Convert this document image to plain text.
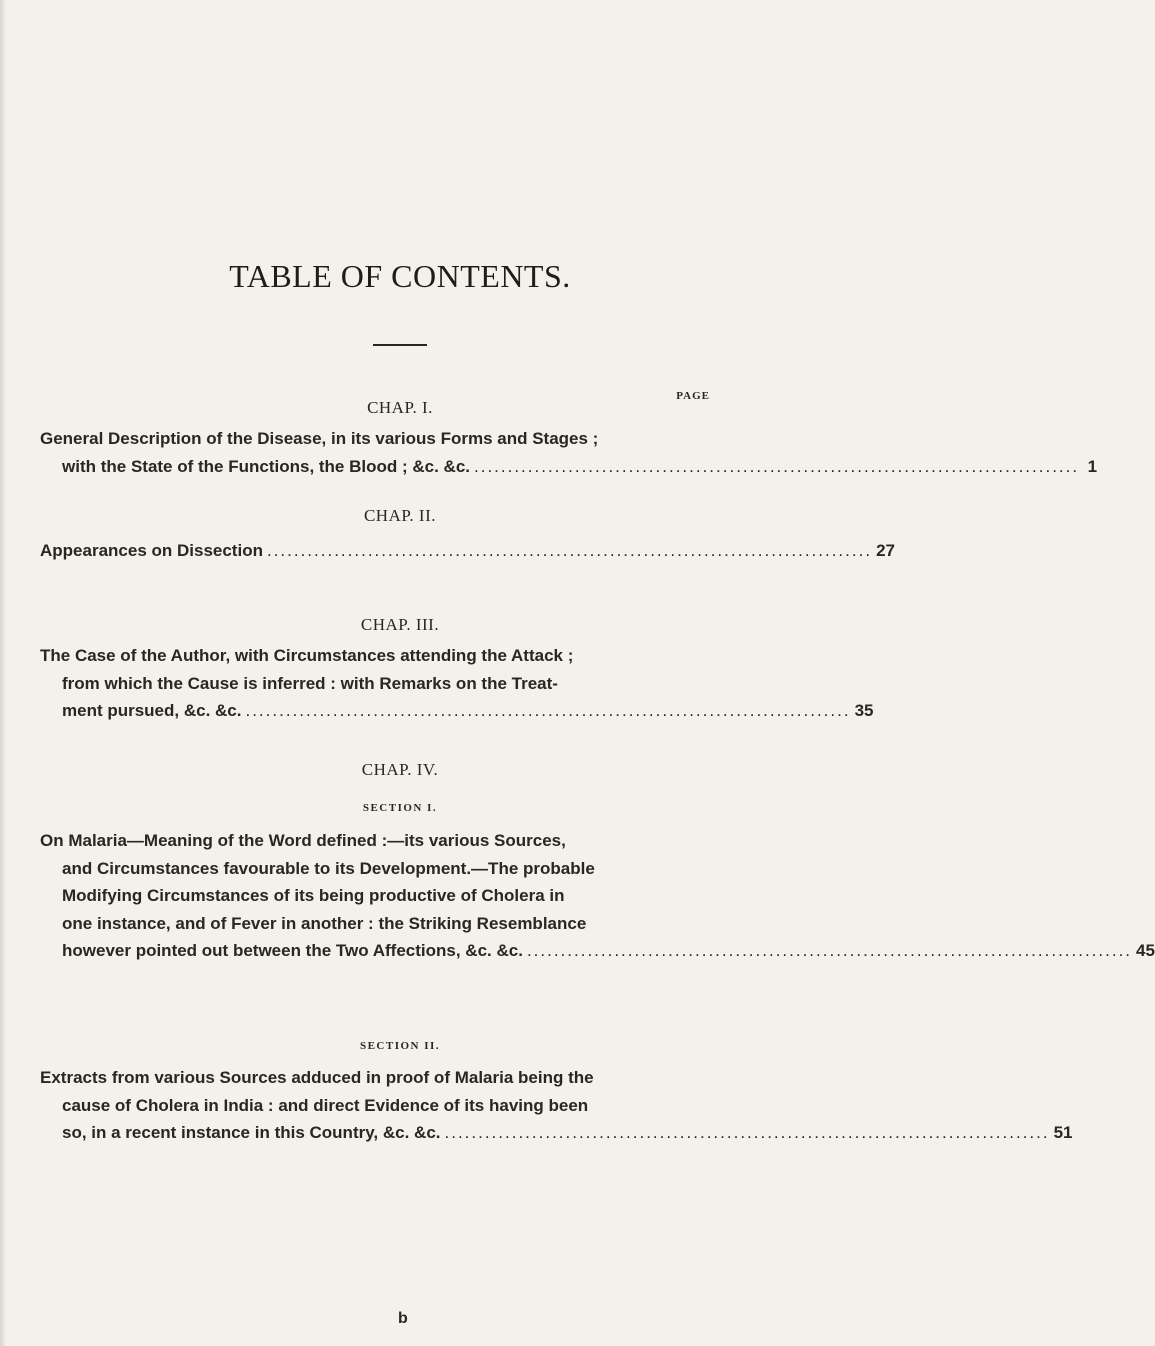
TABLE OF CONTENTS.
CHAP. I.
PAGE
General Description of the Disease, in its various Forms and Stages ;
with the State of the Functions, the Blood ; &c. &c. .......................................................................................... 1
CHAP. II.
Appearances on Dissection .......................................................................................... 27
CHAP. III.
The Case of the Author, with Circumstances attending the Attack ;
from which the Cause is inferred : with Remarks on the Treat-
ment pursued, &c. &c. .......................................................................................... 35
CHAP. IV.
SECTION I.
On Malaria—Meaning of the Word defined :—its various Sources,
and Circumstances favourable to its Development.—The probable
Modifying Circumstances of its being productive of Cholera in
one instance, and of Fever in another : the Striking Resemblance
however pointed out between the Two Affections, &c. &c. .......................................................................................... 45
SECTION II.
Extracts from various Sources adduced in proof of Malaria being the
cause of Cholera in India : and direct Evidence of its having been
so, in a recent instance in this Country, &c. &c. .......................................................................................... 51
b
